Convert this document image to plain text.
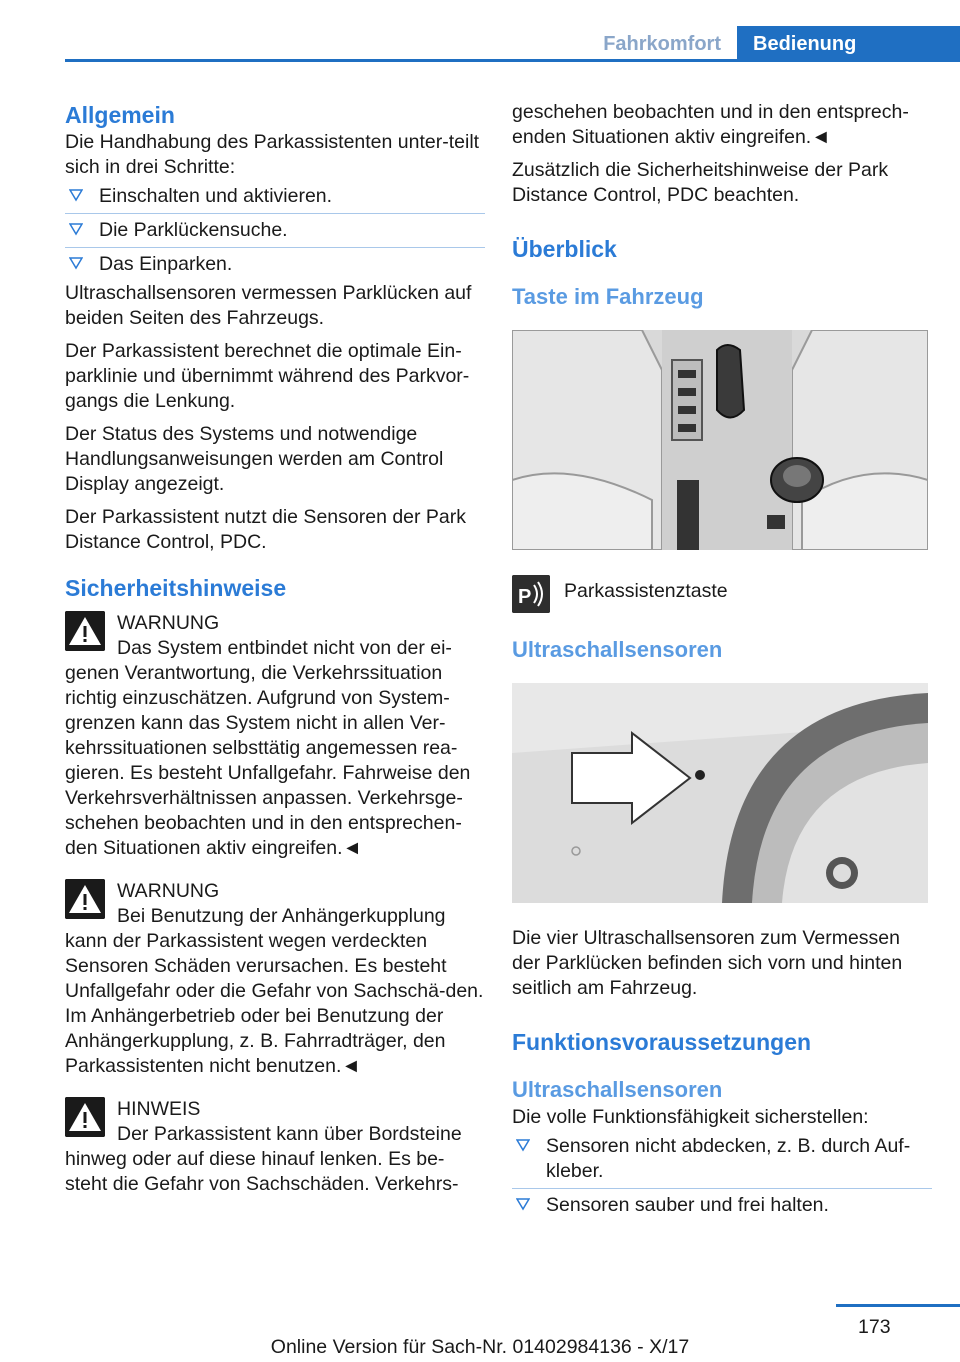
Fahrkomfort	Bedienung
Allgemein

Die Handhabung des Parkassistenten unter-teilt sich in drei Schritte:

Einschalten und aktivieren.
Die Parklückensuche.
Das Einparken.

Ultraschallsensoren vermessen Parklücken auf beiden Seiten des Fahrzeugs.

Der Parkassistent berechnet die optimale Ein-parklinie und übernimmt während des Parkvor-gangs die Lenkung.

Der Status des Systems und notwendige Handlungsanweisungen werden am Control Display angezeigt.

Der Parkassistent nutzt die Sensoren der Park Distance Control, PDC.

Sicherheitshinweise
WARNUNG
Das System entbindet nicht von der ei-
genen Verantwortung, die Verkehrssituation richtig einzuschätzen. Aufgrund von System-grenzen kann das System nicht in allen Ver-kehrssituationen selbsttätig angemessen rea-gieren. Es besteht Unfallgefahr. Fahrweise den Verkehrsverhältnissen anpassen. Verkehrsge-schehen beobachten und in den entsprechen-den Situationen aktiv eingreifen.◄
WARNUNG
Bei Benutzung der Anhängerkupplung
kann der Parkassistent wegen verdeckten Sensoren Schäden verursachen. Es besteht Unfallgefahr oder die Gefahr von Sachschä-den. Im Anhängerbetrieb oder bei Benutzung der Anhängerkupplung, z. B. Fahrradträger, den Parkassistenten nicht benutzen.◄
HINWEIS
Der Parkassistent kann über Bordsteine
hinweg oder auf diese hinauf lenken. Es be-steht die Gefahr von Sachschäden. Verkehrs-

geschehen beobachten und in den entsprech-enden Situationen aktiv eingreifen.◄

Zusätzlich die Sicherheitshinweise der Park Distance Control, PDC beachten.

Überblick
Taste im Fahrzeug
P Parkassistenztaste
Ultraschallsensoren

Die vier Ultraschallsensoren zum Vermessen der Parklücken befinden sich vorn und hinten seitlich am Fahrzeug.

Funktionsvoraussetzungen
Ultraschallsensoren

Die volle Funktionsfähigkeit sicherstellen:

Sensoren nicht abdecken, z. B. durch Auf-kleber.
Sensoren sauber und frei halten.
173
Online Version für Sach-Nr. 01402984136 - X/17
